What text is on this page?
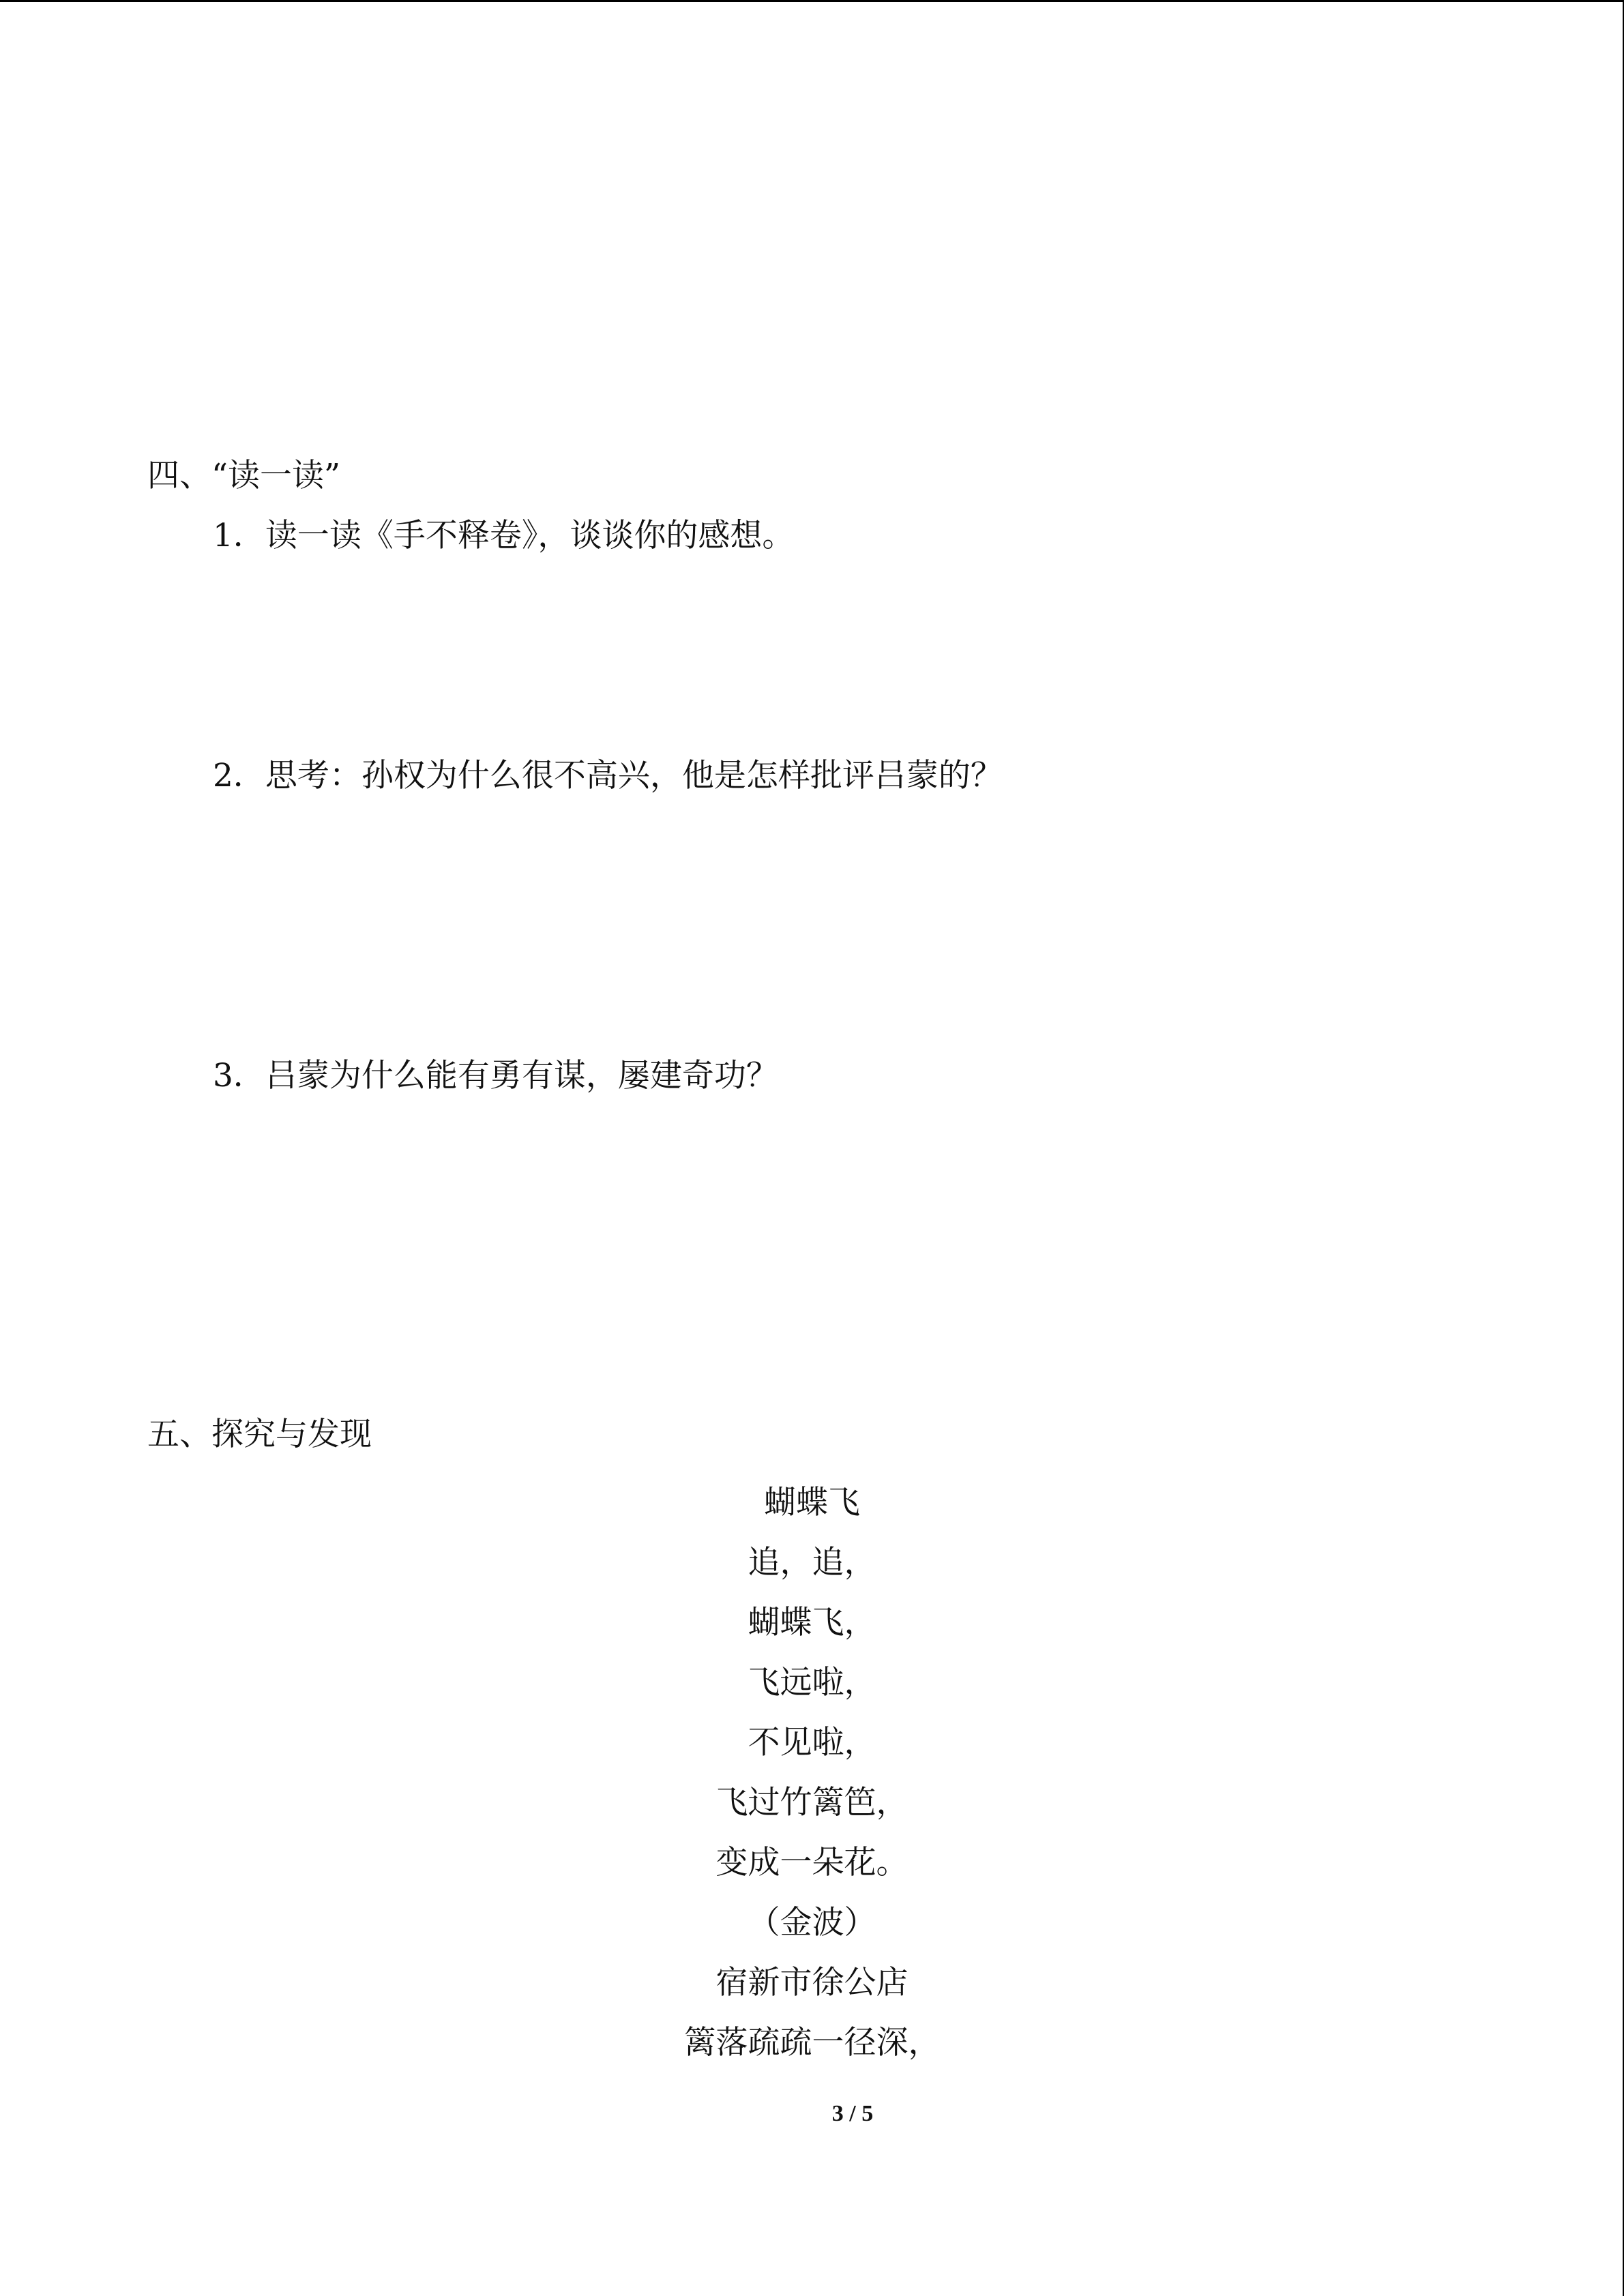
四、“读一读”
1．读一读《手不释卷》，谈谈你的感想。
2．思考：孙权为什么很不高兴，他是怎样批评吕蒙的？
3．吕蒙为什么能有勇有谋，屡建奇功？
五、探究与发现
蝴蝶飞
追，追，
蝴蝶飞，
飞远啦，
不见啦，
飞过竹篱笆，
变成一朵花。
（金波）
宿新市徐公店
篱落疏疏一径深，
3 / 5
